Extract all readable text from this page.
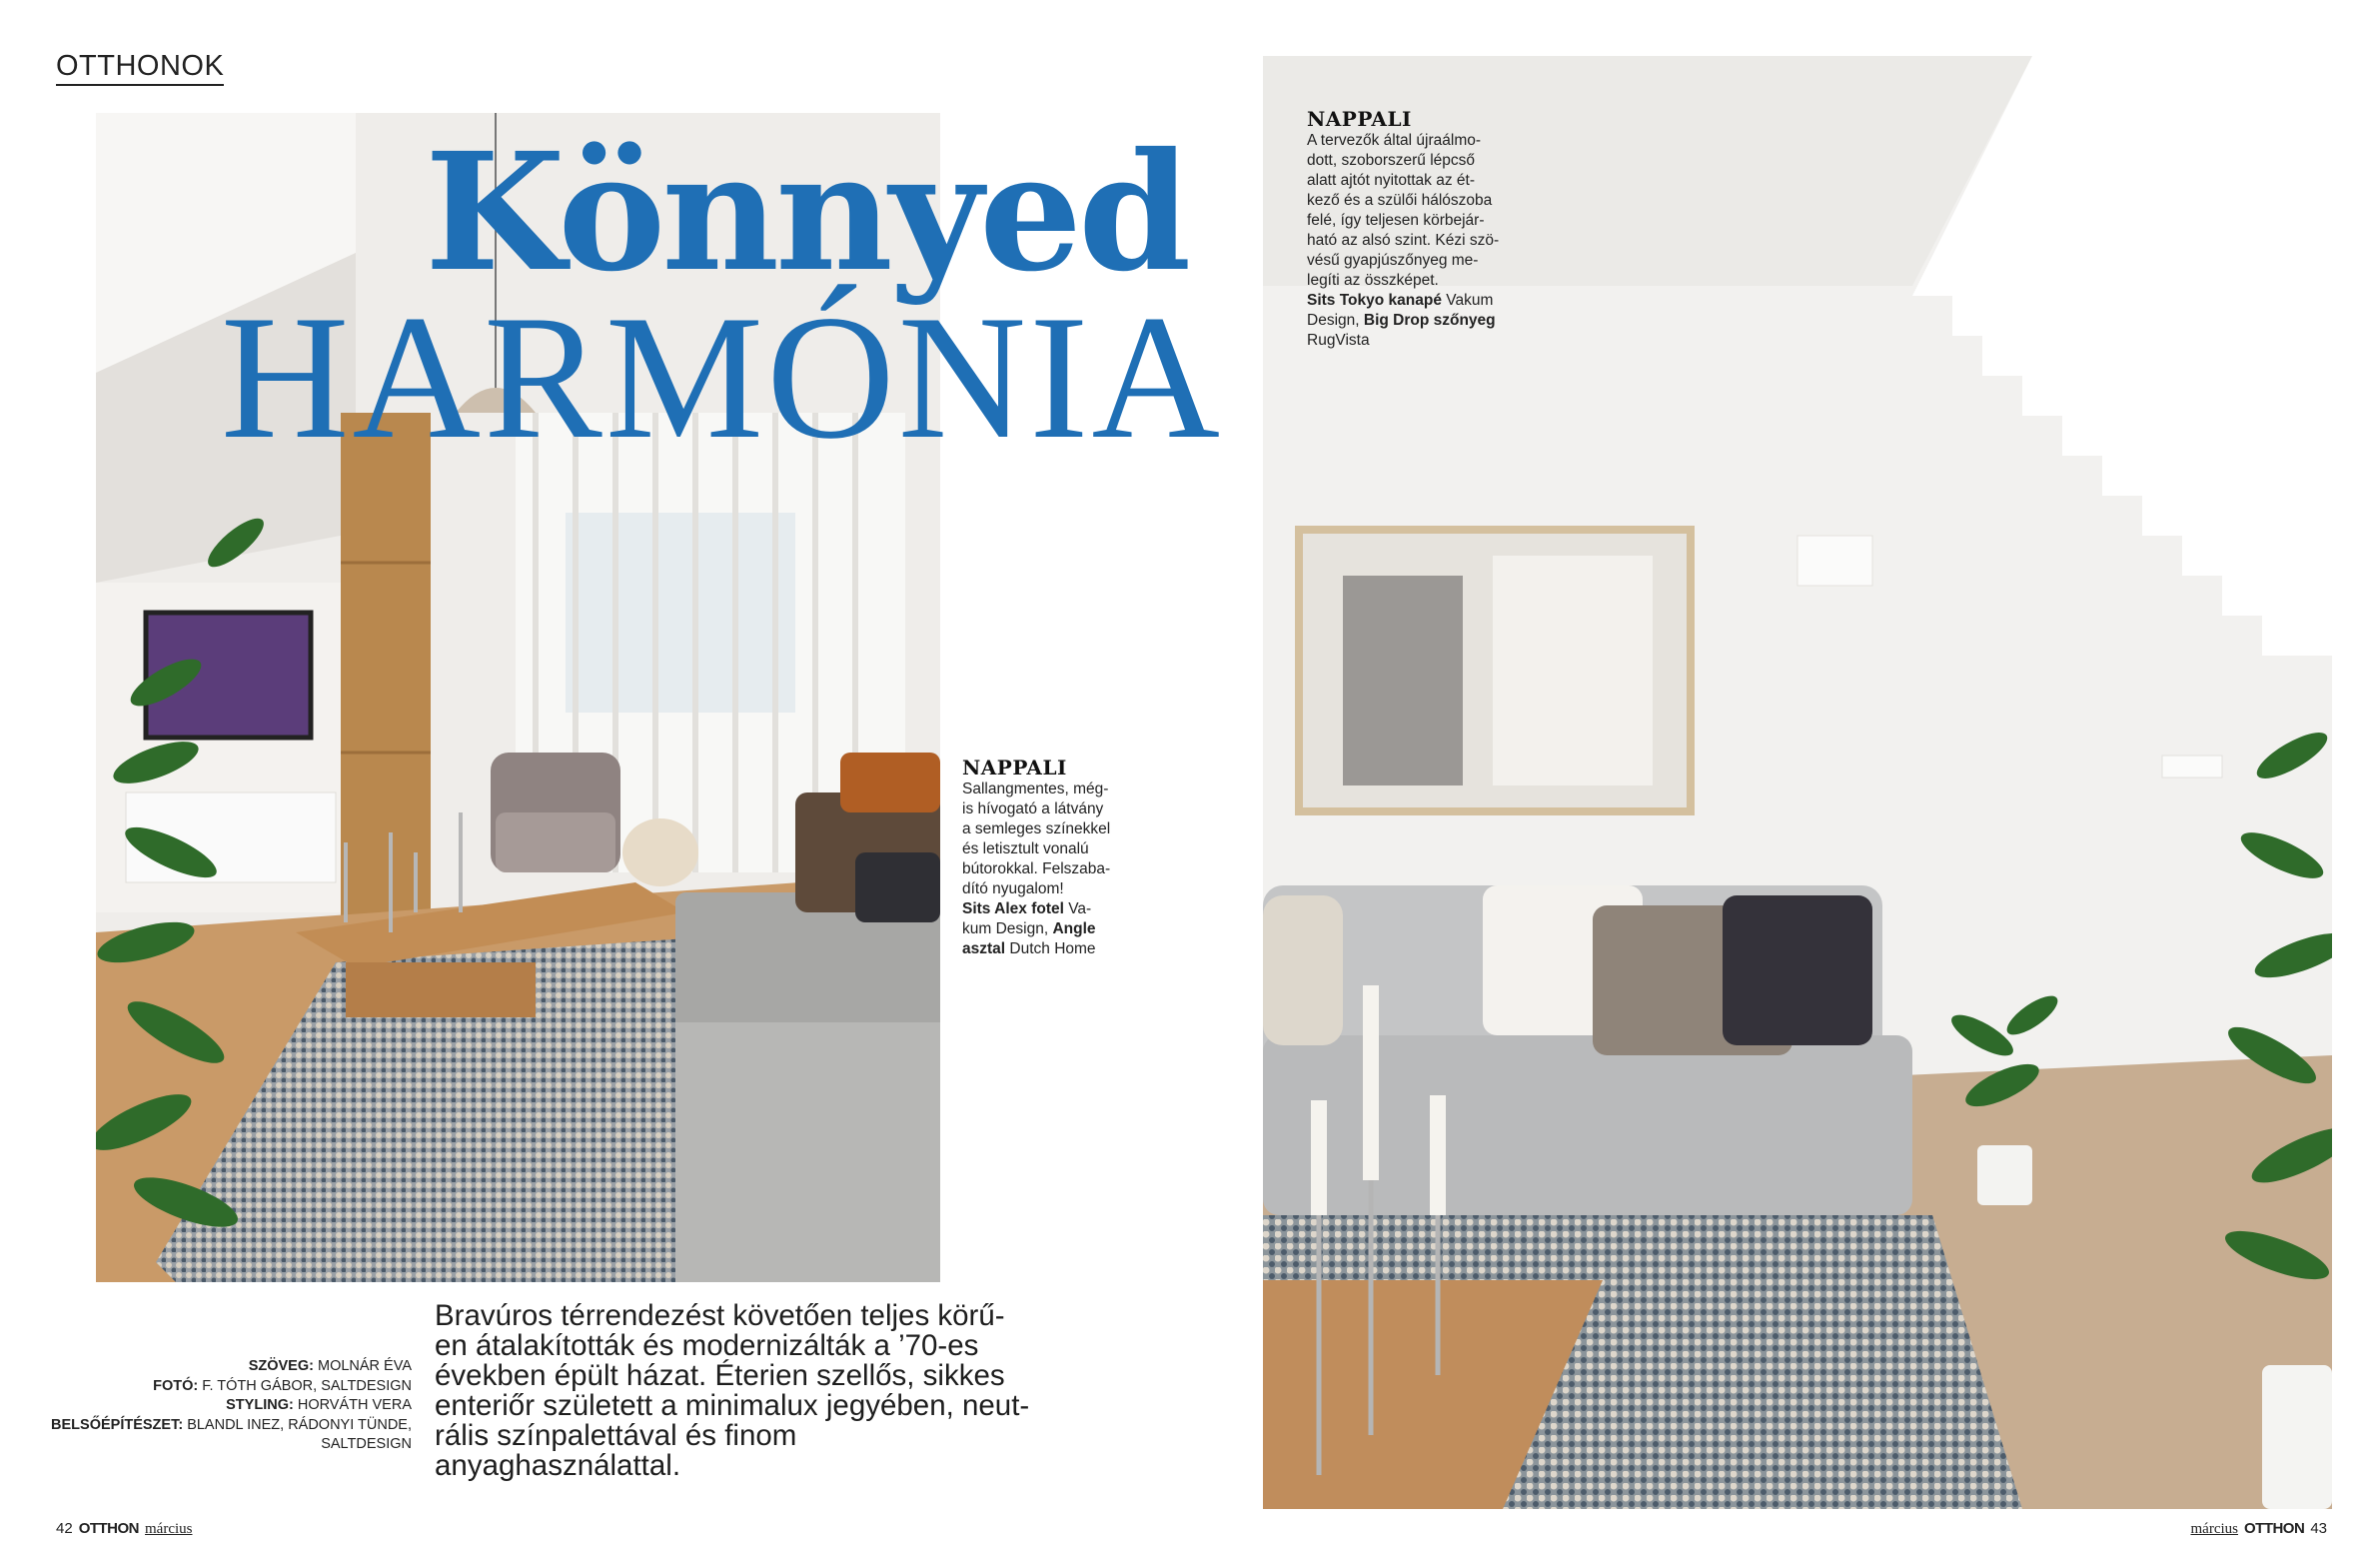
OTTHONOK
Könnyed
HARMÓNIA
NAPPALI
Sallangmentes, még-
is hívogató a látvány
a semleges színekkel
és letisztult vonalú
bútorokkal. Felszaba-
dító nyugalom!
Sits Alex fotel Va-
kum Design, Angle
asztal Dutch Home
NAPPALI
A tervezők által újraálmo-
dott, szoborszerű lépcső
alatt ajtót nyitottak az ét-
kező és a szülői hálószoba
felé, így teljesen körbejár-
ható az alsó szint. Kézi szö-
vésű gyapjúszőnyeg me-
legíti az összképet.
Sits Tokyo kanapé Vakum
Design, Big Drop szőnyeg
RugVista
Bravúros térrendezést követően teljes körű-
en átalakították és modernizálták a ’70-es
években épült házat. Éterien szellős, sikkes
enteriőr született a minimalux jegyében, neut-
rális színpalettával és finom anyaghasználattal.
SZÖVEG: MOLNÁR ÉVA
FOTÓ: F. TÓTH GÁBOR, SALTDESIGN
STYLING: HORVÁTH VERA
BELSŐÉPÍTÉSZET: BLANDL INEZ, RÁDONYI TÜNDE,
SALTDESIGN
42 OTTHON március	március OTTHON 43
